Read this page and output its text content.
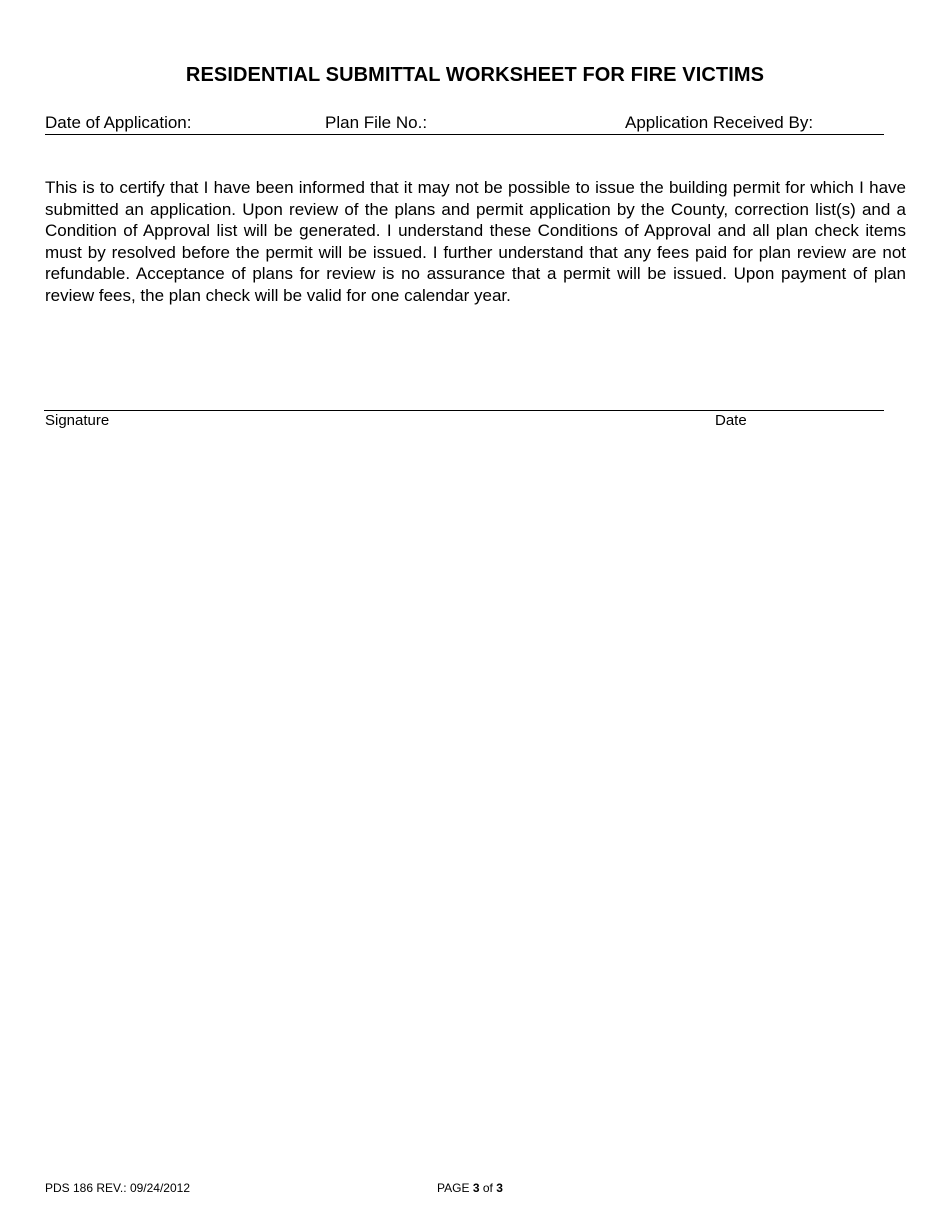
RESIDENTIAL SUBMITTAL WORKSHEET FOR FIRE VICTIMS
Date of Application:	Plan File No.:	Application Received By:
This is to certify that I have been informed that it may not be possible to issue the building permit for which I have submitted an application. Upon review of the plans and permit application by the County, correction list(s) and a Condition of Approval list will be generated. I understand these Conditions of Approval and all plan check items must by resolved before the permit will be issued. I further understand that any fees paid for plan review are not refundable. Acceptance of plans for review is no assurance that a permit will be issued. Upon payment of plan review fees, the plan check will be valid for one calendar year.
Signature	Date
PDS 186 REV.: 09/24/2012	PAGE 3 of 3
